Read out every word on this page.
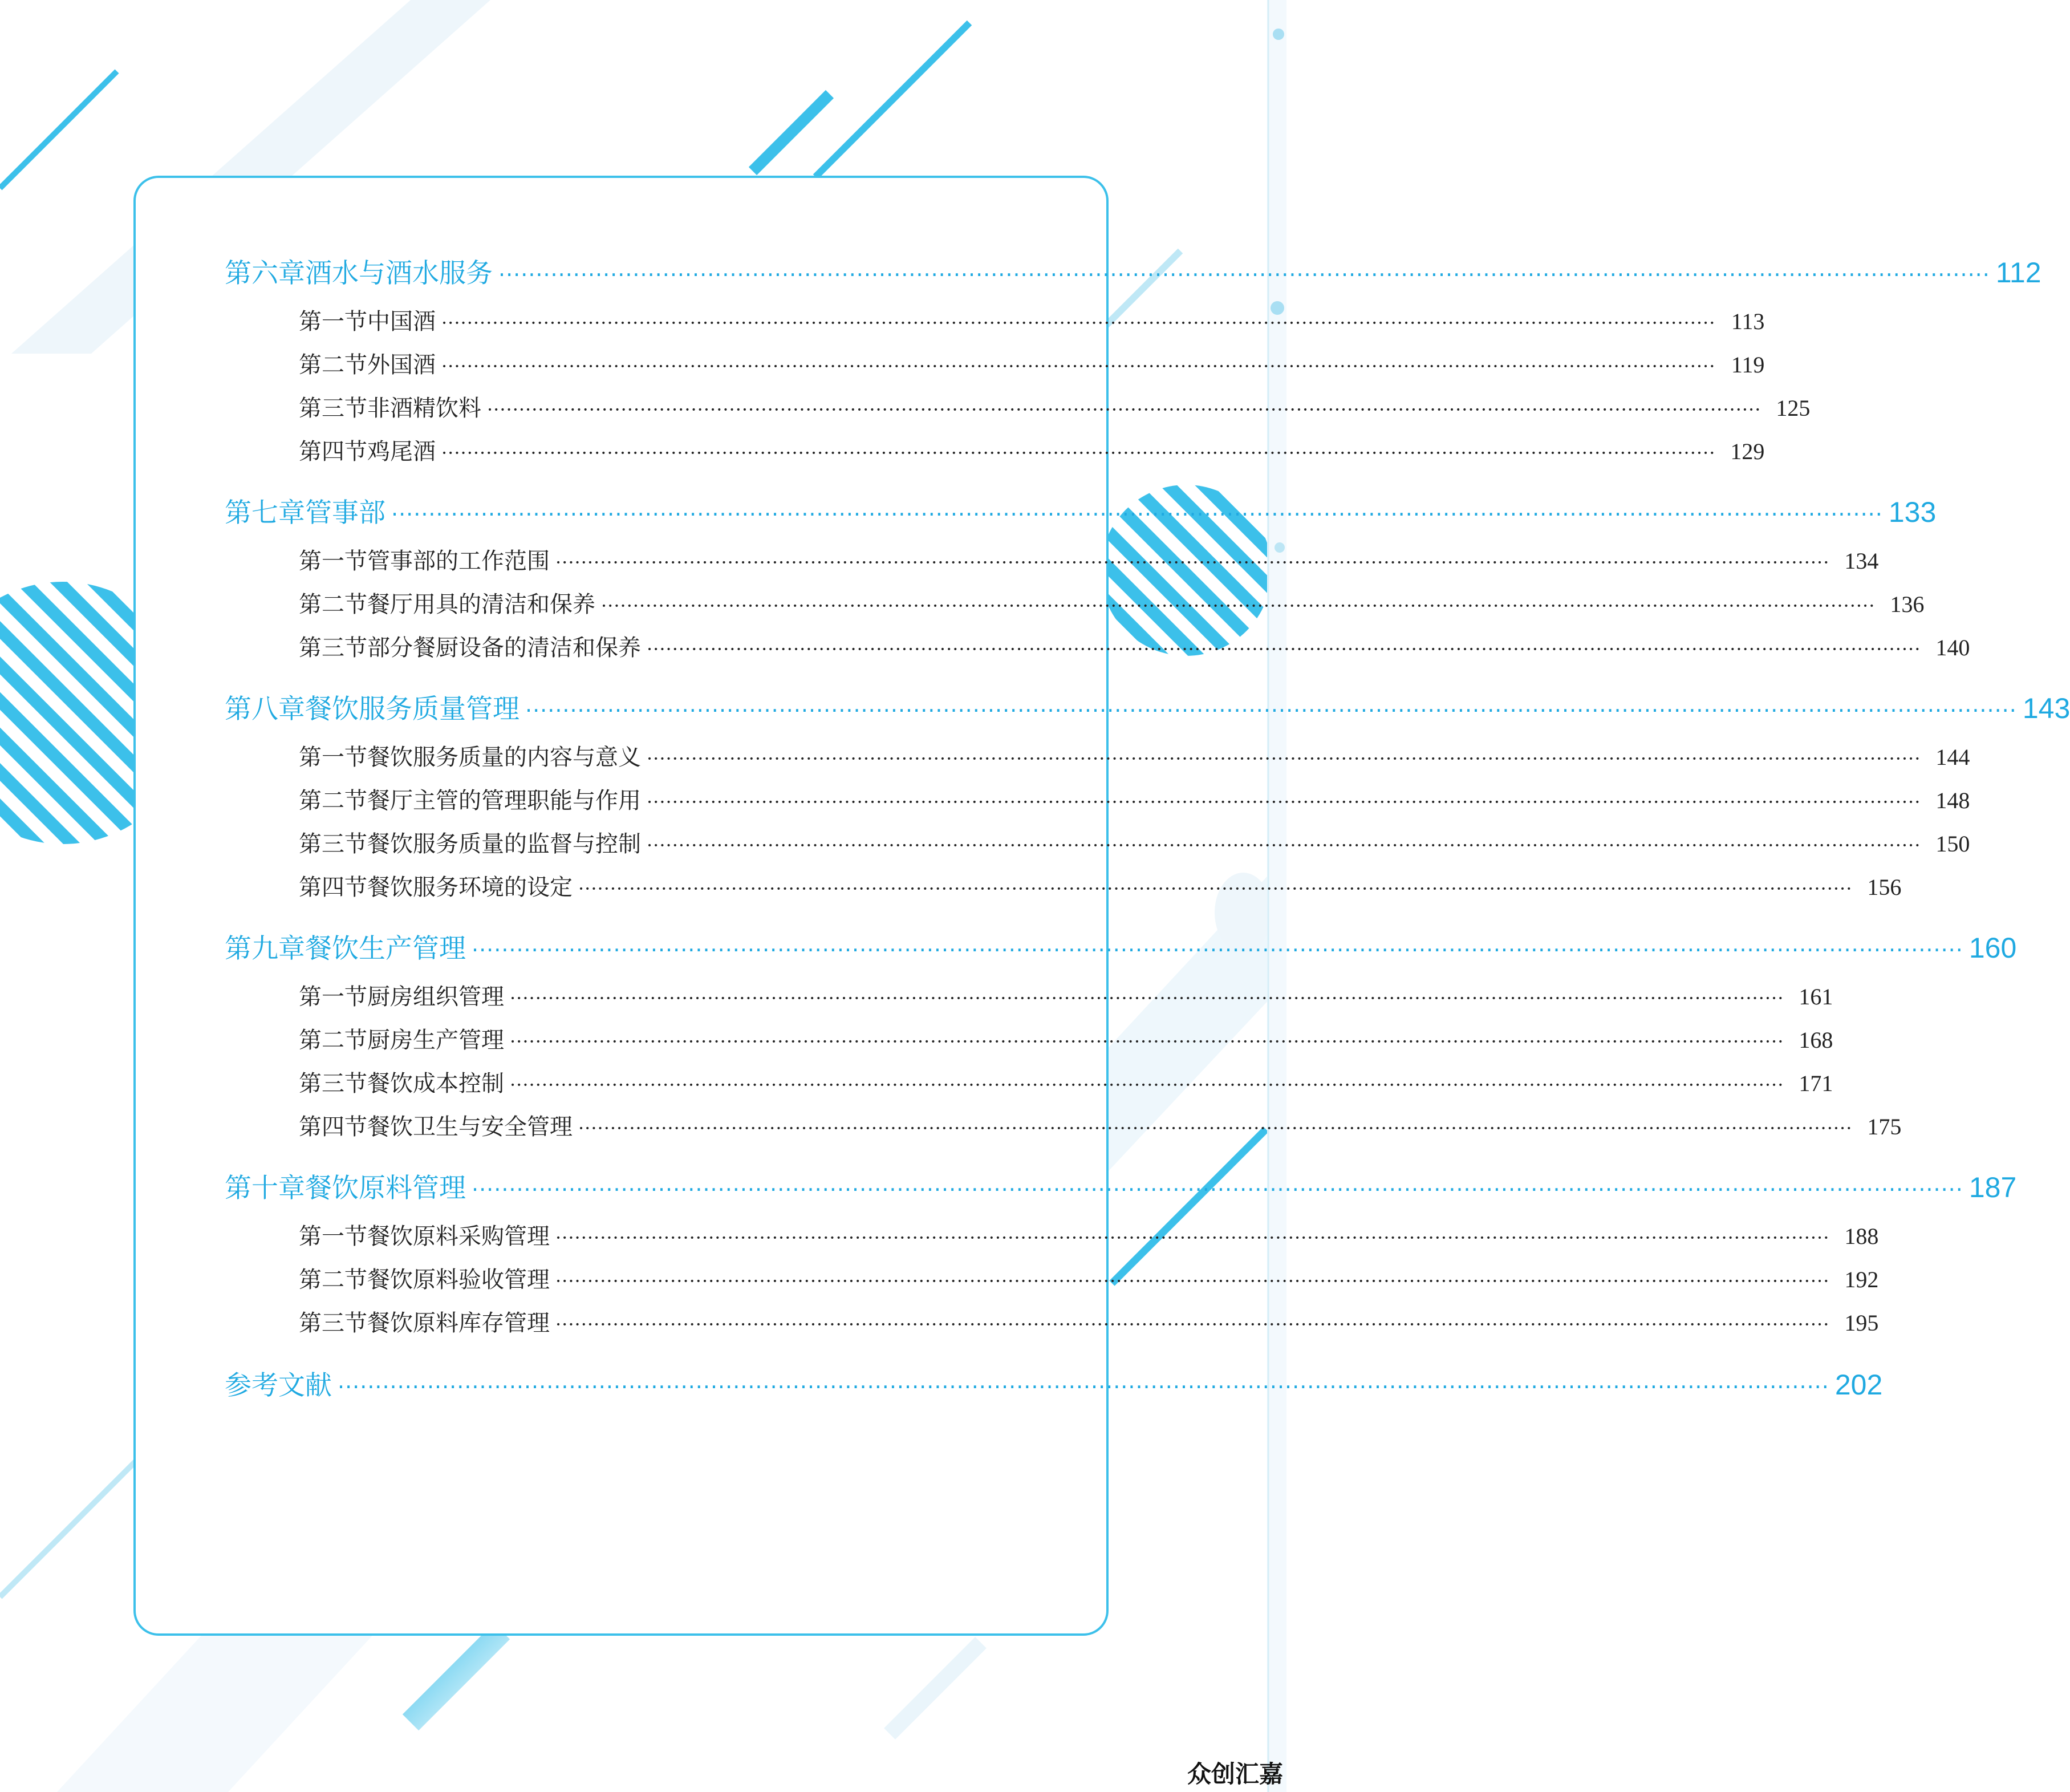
第六章 酒水与酒水服务 ········································································································································································································ 112
第一节 中国酒 ········································································································································································································ 113
第二节 外国酒 ········································································································································································································ 119
第三节 非酒精饮料 ········································································································································································································ 125
第四节 鸡尾酒 ········································································································································································································ 129
第七章 管事部 ········································································································································································································ 133
第一节 管事部的工作范围 ········································································································································································································ 134
第二节 餐厅用具的清洁和保养 ········································································································································································································ 136
第三节 部分餐厨设备的清洁和保养 ········································································································································································································ 140
第八章 餐饮服务质量管理 ········································································································································································································ 143
第一节 餐饮服务质量的内容与意义 ········································································································································································································ 144
第二节 餐厅主管的管理职能与作用 ········································································································································································································ 148
第三节 餐饮服务质量的监督与控制 ········································································································································································································ 150
第四节 餐饮服务环境的设定 ········································································································································································································ 156
第九章 餐饮生产管理 ········································································································································································································ 160
第一节 厨房组织管理 ········································································································································································································ 161
第二节 厨房生产管理 ········································································································································································································ 168
第三节 餐饮成本控制 ········································································································································································································ 171
第四节 餐饮卫生与安全管理 ········································································································································································································ 175
第十章 餐饮原料管理 ········································································································································································································ 187
第一节 餐饮原料采购管理 ········································································································································································································ 188
第二节 餐饮原料验收管理 ········································································································································································································ 192
第三节 餐饮原料库存管理 ········································································································································································································ 195
参考文献 ········································································································································································································ 202
众创汇嘉
